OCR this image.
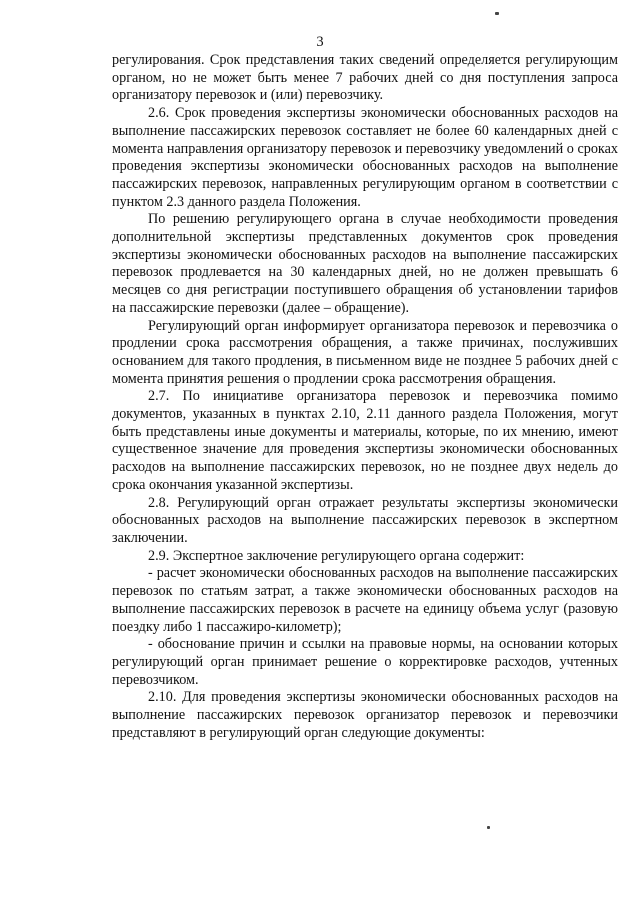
3

регулирования. Срок представления таких сведений определяется регулирующим органом, но не может быть менее 7 рабочих дней со дня поступления запроса организатору перевозок и (или) перевозчику.

2.6. Срок проведения экспертизы экономически обоснованных расходов на выполнение пассажирских перевозок составляет не более 60 календарных дней с момента направления организатору перевозок и перевозчику уведомлений о сроках проведения экспертизы экономически обоснованных расходов на выполнение пассажирских перевозок, направленных регулирующим органом в соответствии с пунктом 2.3 данного раздела Положения.

По решению регулирующего органа в случае необходимости проведения дополнительной экспертизы представленных документов срок проведения экспертизы экономически обоснованных расходов на выполнение пассажирских перевозок продлевается на 30 календарных дней, но не должен превышать 6 месяцев со дня регистрации поступившего обращения об установлении тарифов на пассажирские перевозки (далее – обращение).

Регулирующий орган информирует организатора перевозок и перевозчика о продлении срока рассмотрения обращения, а также причинах, послуживших основанием для такого продления, в письменном виде не позднее 5 рабочих дней с момента принятия решения о продлении срока рассмотрения обращения.

2.7. По инициативе организатора перевозок и перевозчика помимо документов, указанных в пунктах 2.10, 2.11 данного раздела Положения, могут быть представлены иные документы и материалы, которые, по их мнению, имеют существенное значение для проведения экспертизы экономически обоснованных расходов на выполнение пассажирских перевозок, но не позднее двух недель до срока окончания указанной экспертизы.

2.8. Регулирующий орган отражает результаты экспертизы экономически обоснованных расходов на выполнение пассажирских перевозок в экспертном заключении.

2.9. Экспертное заключение регулирующего органа содержит:

- расчет экономически обоснованных расходов на выполнение пассажирских перевозок по статьям затрат, а также экономически обоснованных расходов на выполнение пассажирских перевозок в расчете на единицу объема услуг (разовую поездку либо 1 пассажиро-километр);

- обоснование причин и ссылки на правовые нормы, на основании которых регулирующий орган принимает решение о корректировке расходов, учтенных перевозчиком.

2.10. Для проведения экспертизы экономически обоснованных расходов на выполнение пассажирских перевозок организатор перевозок и перевозчики представляют в регулирующий орган следующие документы:
